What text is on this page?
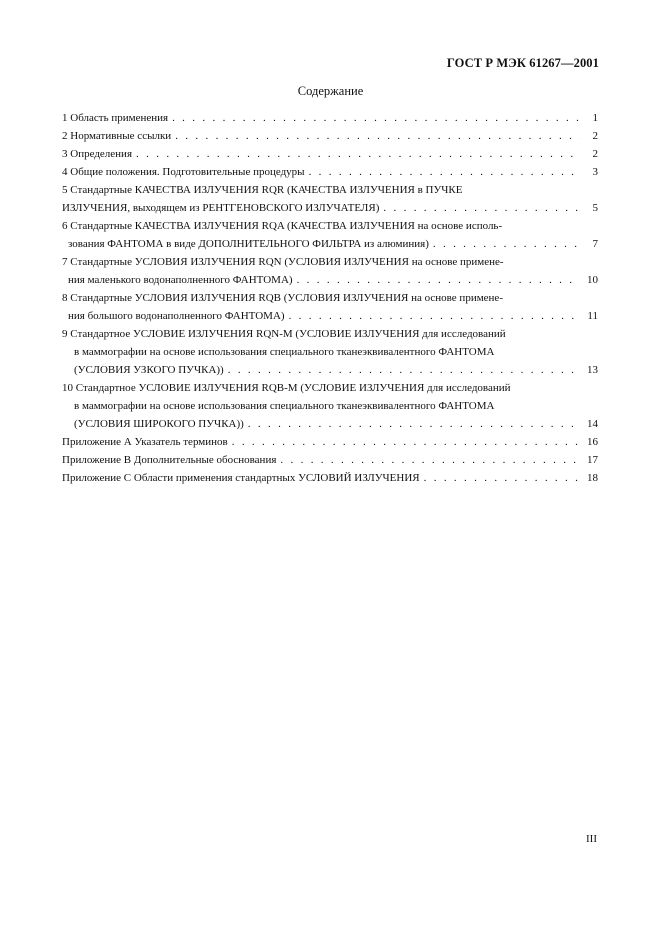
ГОСТ Р МЭК 61267—2001
Содержание
1 Область применения . . .	1
2 Нормативные ссылки . . .	2
3 Определения . . .	2
4 Общие положения. Подготовительные процедуры . . .	3
5 Стандартные КАЧЕСТВА ИЗЛУЧЕНИЯ RQR (КАЧЕСТВА ИЗЛУЧЕНИЯ в ПУЧКЕ
ИЗЛУЧЕНИЯ, выходящем из РЕНТГЕНОВСКОГО ИЗЛУЧАТЕЛЯ) . . .	5
6 Стандартные КАЧЕСТВА ИЗЛУЧЕНИЯ RQA (КАЧЕСТВА ИЗЛУЧЕНИЯ на основе исполь-
зования ФАНТОМА в виде ДОПОЛНИТЕЛЬНОГО ФИЛЬТРА из алюминия) . . .	7
7 Стандартные УСЛОВИЯ ИЗЛУЧЕНИЯ RQN (УСЛОВИЯ ИЗЛУЧЕНИЯ на основе примене-
ния маленького водонаполненного ФАНТОМА) . . .	10
8 Стандартные УСЛОВИЯ ИЗЛУЧЕНИЯ RQB (УСЛОВИЯ ИЗЛУЧЕНИЯ на основе примене-
ния большого водонаполненного ФАНТОМА) . . .	11
9 Стандартное УСЛОВИЕ ИЗЛУЧЕНИЯ RQN-M (УСЛОВИЕ ИЗЛУЧЕНИЯ для исследований
в маммографии на основе использования специального тканеэквивалентного ФАНТОМА
(УСЛОВИЯ УЗКОГО ПУЧКА)) . . .	13
10 Стандартное УСЛОВИЕ ИЗЛУЧЕНИЯ RQB-M (УСЛОВИЕ ИЗЛУЧЕНИЯ для исследований
в маммографии на основе использования специального тканеэквивалентного ФАНТОМА
(УСЛОВИЯ ШИРОКОГО ПУЧКА)) . . .	14
Приложение А Указатель терминов . . .	16
Приложение В Дополнительные обоснования . . .	17
Приложение С Области применения стандартных УСЛОВИЙ ИЗЛУЧЕНИЯ . . .	18
III
